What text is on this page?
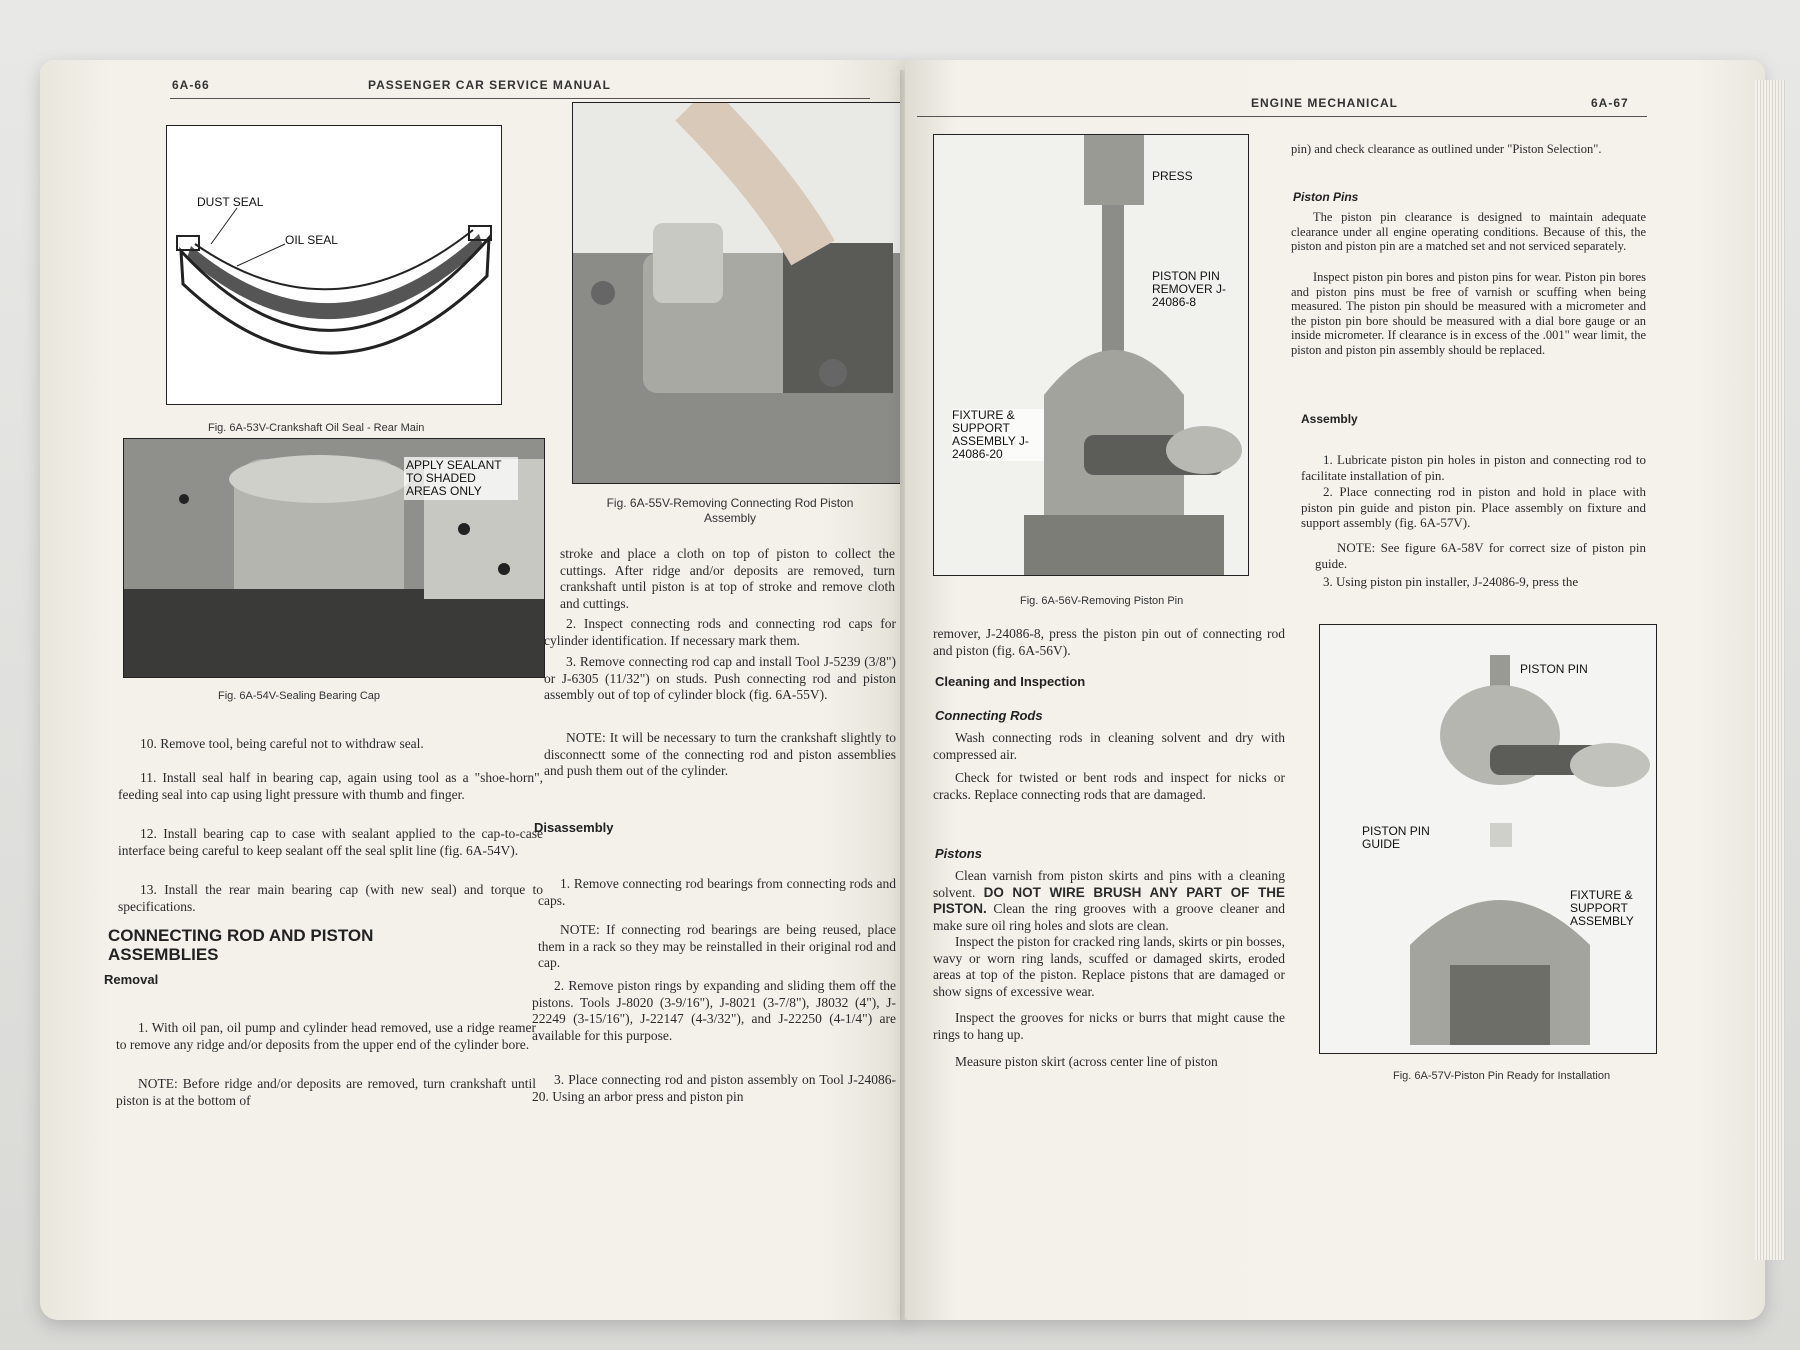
6A-66	PASSENGER CAR SERVICE MANUAL
DUST SEAL
OIL SEAL
Fig. 6A-53V-Crankshaft Oil Seal - Rear Main
APPLY SEALANT TO SHADED AREAS ONLY
Fig. 6A-54V-Sealing Bearing Cap
Fig. 6A-55V-Removing Connecting Rod Piston
Assembly
10. Remove tool, being careful not to withdraw seal.
11. Install seal half in bearing cap, again using tool as a "shoe-horn", feeding seal into cap using light pressure with thumb and finger.
12. Install bearing cap to case with sealant applied to the cap-to-case interface being careful to keep sealant off the seal split line (fig. 6A-54V).
13. Install the rear main bearing cap (with new seal) and torque to specifications.
CONNECTING ROD AND PISTON ASSEMBLIES
Removal
1. With oil pan, oil pump and cylinder head removed, use a ridge reamer to remove any ridge and/or deposits from the upper end of the cylinder bore.
NOTE: Before ridge and/or deposits are removed, turn crankshaft until piston is at the bottom of
stroke and place a cloth on top of piston to collect the cuttings. After ridge and/or deposits are removed, turn crankshaft until piston is at top of stroke and remove cloth and cuttings.
2. Inspect connecting rods and connecting rod caps for cylinder identification. If necessary mark them.
3. Remove connecting rod cap and install Tool J-5239 (3/8") or J-6305 (11/32") on studs. Push connecting rod and piston assembly out of top of cylinder block (fig. 6A-55V).
NOTE: It will be necessary to turn the crankshaft slightly to disconnectt some of the connecting rod and piston assemblies and push them out of the cylinder.
Disassembly
1. Remove connecting rod bearings from connecting rods and caps.
NOTE: If connecting rod bearings are being reused, place them in a rack so they may be reinstalled in their original rod and cap.
2. Remove piston rings by expanding and sliding them off the pistons. Tools J-8020 (3-9/16"), J-8021 (3-7/8"), J8032 (4"), J-22249 (3-15/16"), J-22147 (4-3/32"), and J-22250 (4-1/4") are available for this purpose.
3. Place connecting rod and piston assembly on Tool J-24086-20. Using an arbor press and piston pin
ENGINE MECHANICAL	6A-67
PRESS
PISTON PIN REMOVER J-24086-8
FIXTURE & SUPPORT ASSEMBLY J-24086-20
Fig. 6A-56V-Removing Piston Pin
remover, J-24086-8, press the piston pin out of connecting rod and piston (fig. 6A-56V).
Cleaning and Inspection
Connecting Rods
Wash connecting rods in cleaning solvent and dry with compressed air.
Check for twisted or bent rods and inspect for nicks or cracks. Replace connecting rods that are damaged.
Pistons
Clean varnish from piston skirts and pins with a cleaning solvent. DO NOT WIRE BRUSH ANY PART OF THE PISTON. Clean the ring grooves with a groove cleaner and make sure oil ring holes and slots are clean.
Inspect the piston for cracked ring lands, skirts or pin bosses, wavy or worn ring lands, scuffed or damaged skirts, eroded areas at top of the piston. Replace pistons that are damaged or show signs of excessive wear.
Inspect the grooves for nicks or burrs that might cause the rings to hang up.
Measure piston skirt (across center line of piston
pin) and check clearance as outlined under "Piston Selection".
Piston Pins
The piston pin clearance is designed to maintain adequate clearance under all engine operating conditions. Because of this, the piston and piston pin are a matched set and not serviced separately.
Inspect piston pin bores and piston pins for wear. Piston pin bores and piston pins must be free of varnish or scuffing when being measured. The piston pin should be measured with a micrometer and the piston pin bore should be measured with a dial bore gauge or an inside micrometer. If clearance is in excess of the .001" wear limit, the piston and piston pin assembly should be replaced.
Assembly
1. Lubricate piston pin holes in piston and connecting rod to facilitate installation of pin.
2. Place connecting rod in piston and hold in place with piston pin guide and piston pin. Place assembly on fixture and support assembly (fig. 6A-57V).
NOTE: See figure 6A-58V for correct size of piston pin guide.
3. Using piston pin installer, J-24086-9, press the
PISTON PIN
PISTON PIN GUIDE
FIXTURE & SUPPORT ASSEMBLY
Fig. 6A-57V-Piston Pin Ready for Installation
